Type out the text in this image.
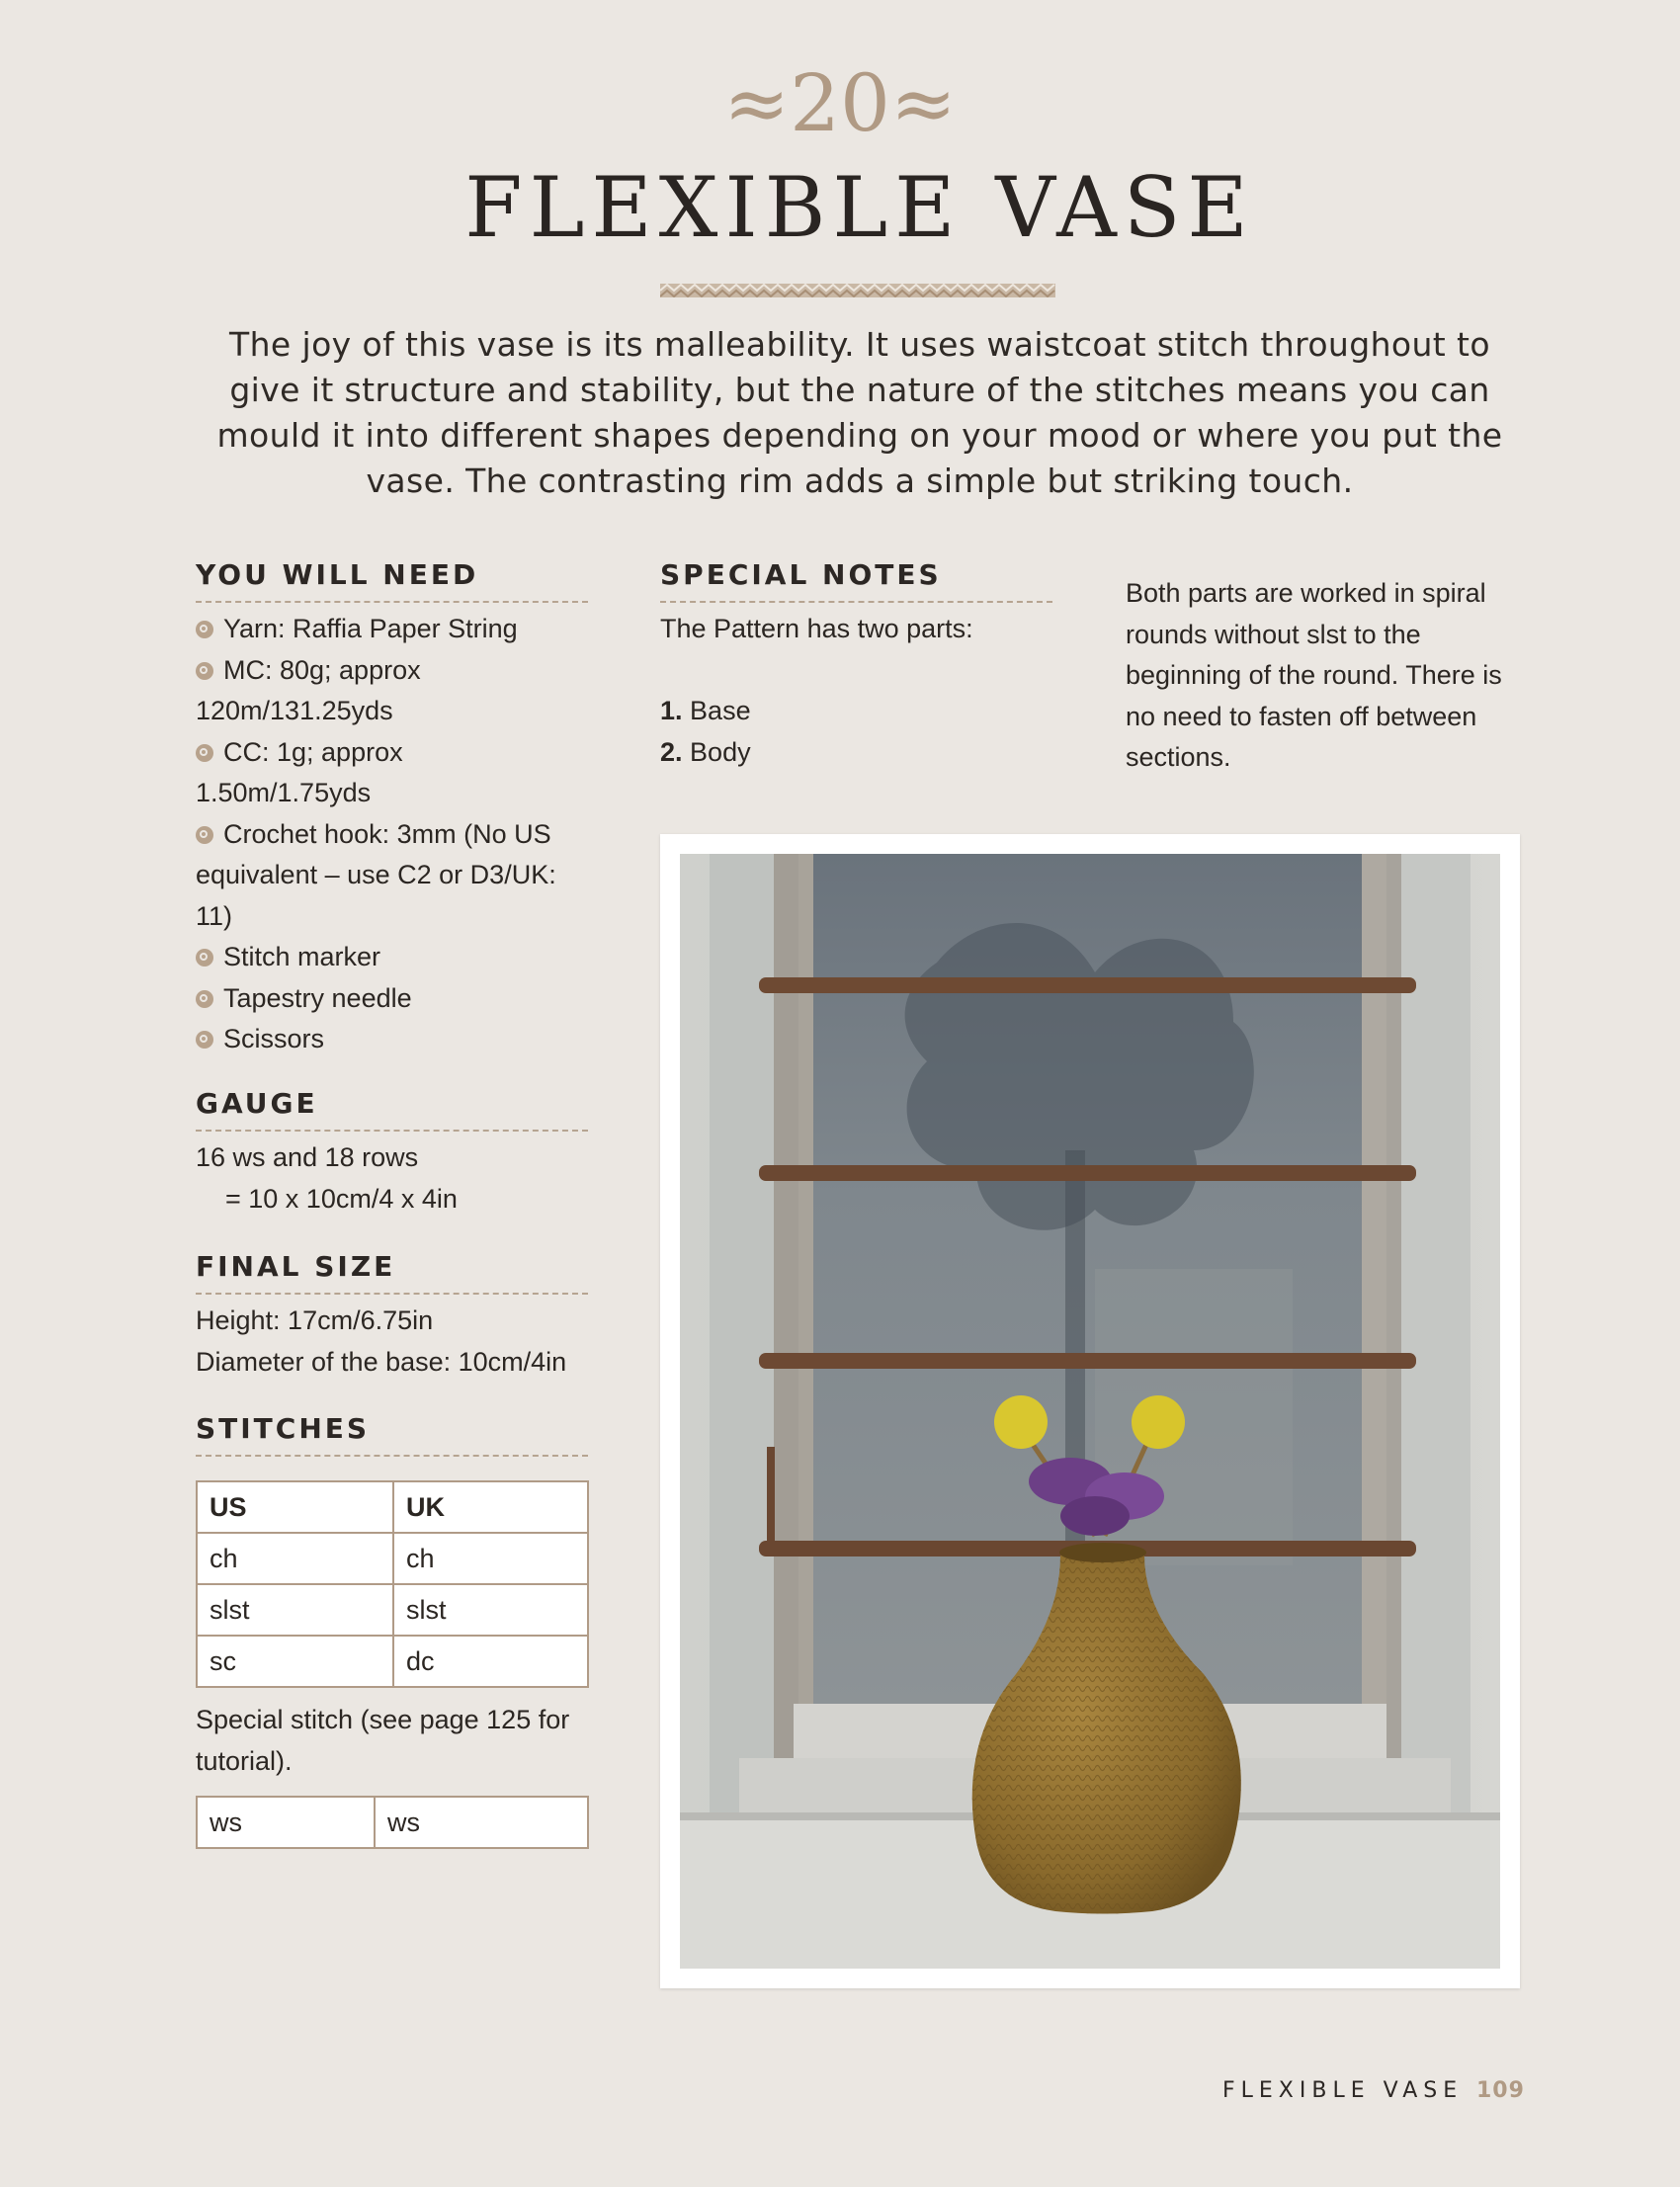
≈20≈
FLEXIBLE VASE

The joy of this vase is its malleability. It uses waistcoat stitch throughout to give it structure and stability, but the nature of the stitches means you can mould it into different shapes depending on your mood or where you put the vase. The contrasting rim adds a simple but striking touch.

YOU WILL NEED
Yarn: Raffia Paper String
MC: 80g; approx 120m/131.25yds
CC: 1g; approx 1.50m/1.75yds
Crochet hook: 3mm (No US equivalent – use C2 or D3/UK: 11)
Stitch marker
Tapestry needle
Scissors
GAUGE
16 ws and 18 rows
= 10 x 10cm/4 x 4in
FINAL SIZE
Height: 17cm/6.75in
Diameter of the base: 10cm/4in
STITCHES
US	UK
ch	ch
slst	slst
sc	dc
Special stitch (see page 125 for tutorial).
ws	ws
SPECIAL NOTES
The Pattern has two parts:
1. Base
2. Body
Both parts are worked in spiral rounds without slst to the beginning of the round. There is no need to fasten off between sections.
FLEXIBLE VASE 109
